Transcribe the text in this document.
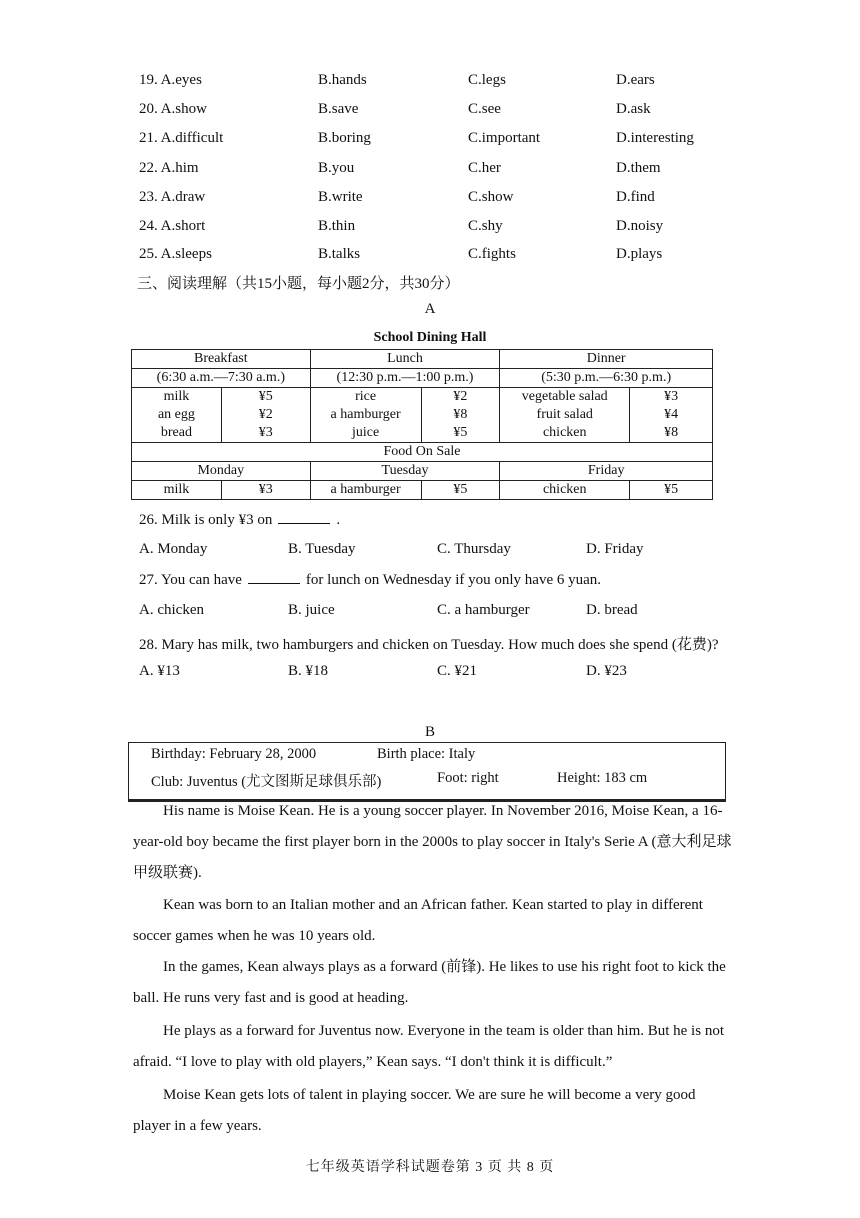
19. A.eyes	B.hands	C.legs	D.ears
20. A.show	B.save	C.see	D.ask
21. A.difficult	B.boring	C.important	D.interesting
22. A.him	B.you	C.her	D.them
23. A.draw	B.write	C.show	D.find
24. A.short	B.thin	C.shy	D.noisy
25. A.sleeps	B.talks	C.fights	D.plays
三、阅读理解（共15小题，每小题2分，共30分）
A
School Dining Hall
Breakfast		Lunch		Dinner	
(6:30 a.m.—7:30 a.m.)		(12:30 p.m.—1:00 p.m.)		(5:30 p.m.—6:30 p.m.)	
milk	¥5	rice	¥2	vegetable salad	¥3
an egg	¥2	a hamburger	¥8	fruit salad	¥4
bread	¥3	juice	¥5	chicken	¥8
Food On Sale					
Monday		Tuesday		Friday	
milk	¥3	a hamburger	¥5	chicken	¥5
26. Milk is only ¥3 on	.
A. Monday	B. Tuesday	C. Thursday	D. Friday
27. You can have	for lunch on Wednesday if you only have 6 yuan.
A. chicken	B. juice	C. a hamburger	D. bread
28. Mary has milk, two hamburgers and chicken on Tuesday. How much does she spend (花费)?
A. ¥13	B. ¥18	C. ¥21	D. ¥23
B
Birthday: February 28, 2000	Birth place: Italy
Club: Juventus (尤文图斯足球俱乐部)	Foot: right	Height: 183 cm
His name is Moise Kean. He is a young soccer player. In November 2016, Moise Kean, a 16-year-old boy became the first player born in the 2000s to play soccer in Italy's Serie A (意大利足球甲级联赛).
Kean was born to an Italian mother and an African father. Kean started to play in different soccer games when he was 10 years old.
In the games, Kean always plays as a forward (前锋). He likes to use his right foot to kick the ball. He runs very fast and is good at heading.
He plays as a forward for Juventus now. Everyone in the team is older than him. But he is not afraid. “I love to play with old players,” Kean says. “I don't think it is difficult.”
Moise Kean gets lots of talent in playing soccer. We are sure he will become a very good player in a few years.
七年级英语学科试题卷第 3 页 共 8 页
